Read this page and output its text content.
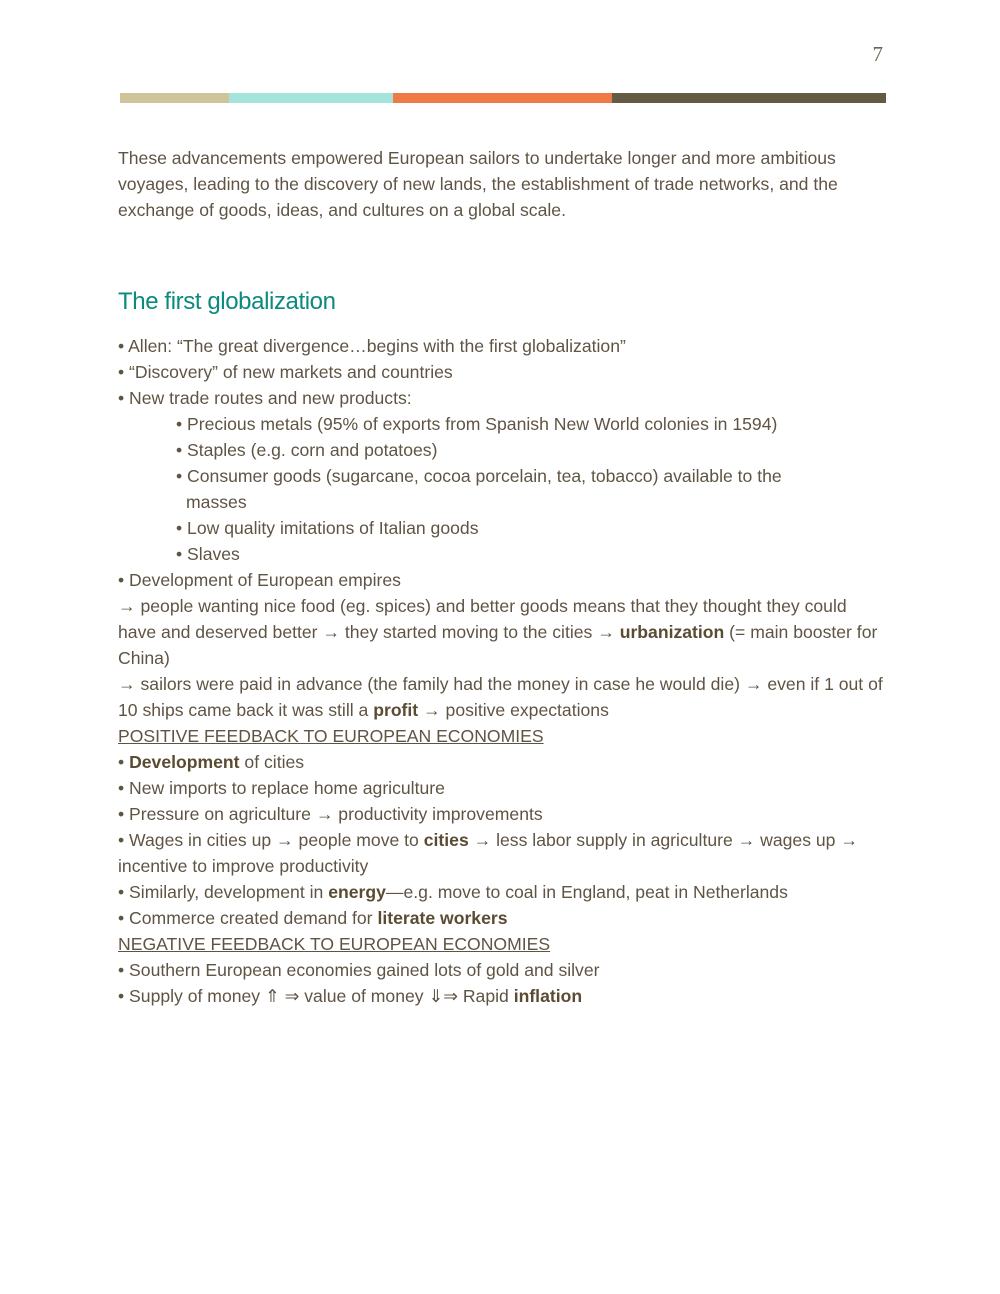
7

These advancements empowered European sailors to undertake longer and more ambitious voyages, leading to the discovery of new lands, the establishment of trade networks, and the exchange of goods, ideas, and cultures on a global scale.

The first globalization

• Allen: “The great divergence…begins with the first globalization”

• “Discovery” of new markets and countries

• New trade routes and new products:

• Precious metals (95% of exports from Spanish New World colonies in 1594)

• Staples (e.g. corn and potatoes)

• Consumer goods (sugarcane, cocoa porcelain, tea, tobacco) available to the

masses

• Low quality imitations of Italian goods

• Slaves

• Development of European empires

→ people wanting nice food (eg. spices) and better goods means that they thought they could have and deserved better → they started moving to the cities → urbanization (= main booster for China)

→ sailors were paid in advance (the family had the money in case he would die) → even if 1 out of 10 ships came back it was still a profit → positive expectations

POSITIVE FEEDBACK TO EUROPEAN ECONOMIES

• Development of cities

• New imports to replace home agriculture

• Pressure on agriculture → productivity improvements

• Wages in cities up → people move to cities → less labor supply in agriculture → wages up → incentive to improve productivity

• Similarly, development in energy—e.g. move to coal in England, peat in Netherlands

• Commerce created demand for literate workers

NEGATIVE FEEDBACK TO EUROPEAN ECONOMIES

• Southern European economies gained lots of gold and silver

• Supply of money ⇑ ⇒ value of money ⇓⇒ Rapid inflation
